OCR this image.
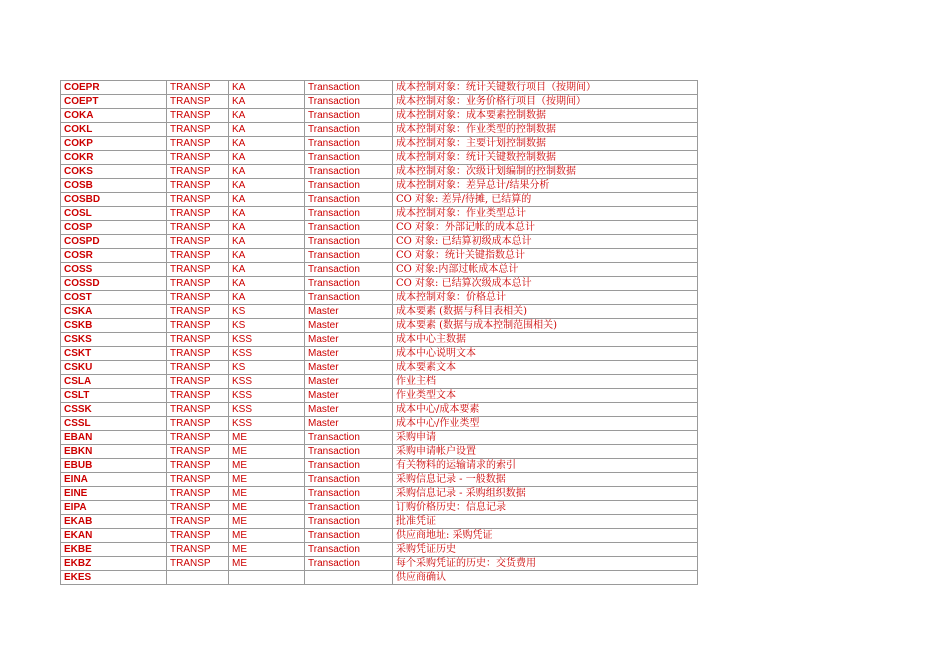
COEPR	TRANSP	KA	Transaction	成本控制对象：统计关键数行项目（按期间）
COEPT	TRANSP	KA	Transaction	成本控制对象：业务价格行项目（按期间）
COKA	TRANSP	KA	Transaction	成本控制对象：成本要素控制数据
COKL	TRANSP	KA	Transaction	成本控制对象：作业类型的控制数据
COKP	TRANSP	KA	Transaction	成本控制对象：主要计划控制数据
COKR	TRANSP	KA	Transaction	成本控制对象：统计关键数控制数据
COKS	TRANSP	KA	Transaction	成本控制对象：次级计划编制的控制数据
COSB	TRANSP	KA	Transaction	成本控制对象：差异总计/结果分析
COSBD	TRANSP	KA	Transaction	CO 对象: 差异/待摊, 已结算的
COSL	TRANSP	KA	Transaction	成本控制对象：作业类型总计
COSP	TRANSP	KA	Transaction	CO 对象：外部记帐的成本总计
COSPD	TRANSP	KA	Transaction	CO 对象: 已结算初级成本总计
COSR	TRANSP	KA	Transaction	CO 对象：统计关键指数总计
COSS	TRANSP	KA	Transaction	CO 对象:内部过帐成本总计
COSSD	TRANSP	KA	Transaction	CO 对象: 已结算次级成本总计
COST	TRANSP	KA	Transaction	成本控制对象：价格总计
CSKA	TRANSP	KS	Master	成本要素 (数据与科目表相关)
CSKB	TRANSP	KS	Master	成本要素 (数据与成本控制范围相关)
CSKS	TRANSP	KSS	Master	成本中心主数据
CSKT	TRANSP	KSS	Master	成本中心说明文本
CSKU	TRANSP	KS	Master	成本要素文本
CSLA	TRANSP	KSS	Master	作业主档
CSLT	TRANSP	KSS	Master	作业类型文本
CSSK	TRANSP	KSS	Master	成本中心/成本要素
CSSL	TRANSP	KSS	Master	成本中心/作业类型
EBAN	TRANSP	ME	Transaction	采购申请
EBKN	TRANSP	ME	Transaction	采购申请帐户设置
EBUB	TRANSP	ME	Transaction	有关物料的运输请求的索引
EINA	TRANSP	ME	Transaction	采购信息记录 - 一般数据
EINE	TRANSP	ME	Transaction	采购信息记录 - 采购组织数据
EIPA	TRANSP	ME	Transaction	订购价格历史：信息记录
EKAB	TRANSP	ME	Transaction	批准凭证
EKAN	TRANSP	ME	Transaction	供应商地址: 采购凭证
EKBE	TRANSP	ME	Transaction	采购凭证历史
EKBZ	TRANSP	ME	Transaction	每个采购凭证的历史：交货费用
EKES				供应商确认
